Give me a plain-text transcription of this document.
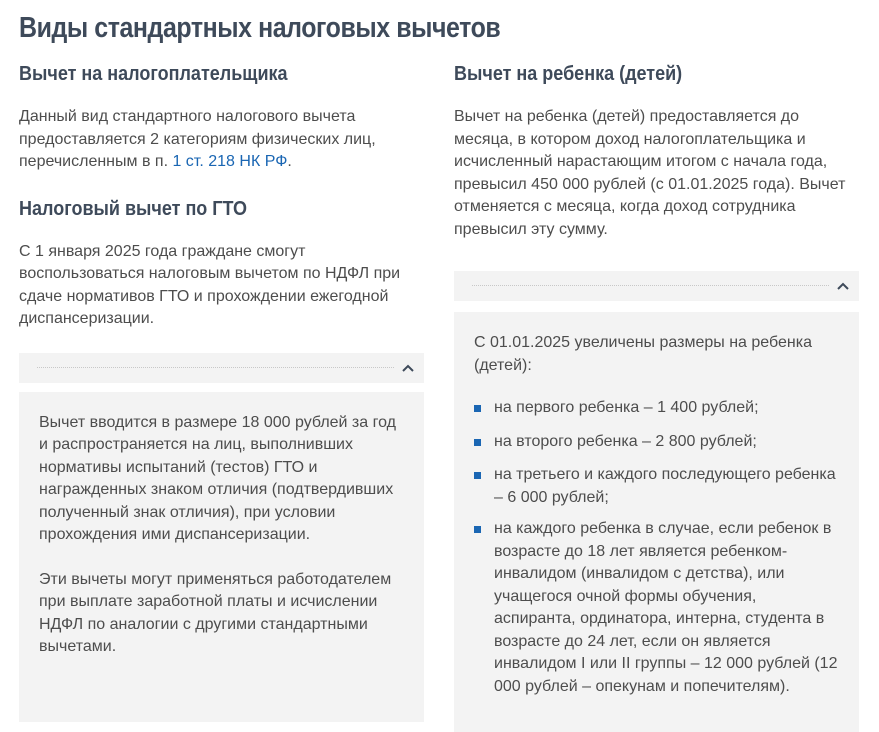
Виды стандартных налоговых вычетов
Вычет на налогоплательщика

Данный вид стандартного налогового вычета предоставляется 2 категориям физических лиц, перечисленным в п. 1 ст. 218 НК РФ.

Налоговый вычет по ГТО

С 1 января 2025 года граждане смогут воспользоваться налоговым вычетом по НДФЛ при сдаче нормативов ГТО и прохождении ежегодной диспансеризации.

Вычет вводится в размере 18 000 рублей за год и распространяется на лиц, выполнивших нормативы испытаний (тестов) ГТО и награжденных знаком отличия (подтвердивших полученный знак отличия), при условии прохождения ими диспансеризации.

Эти вычеты могут применяться работодателем при выплате заработной платы и исчислении НДФЛ по аналогии с другими стандартными вычетами.

Вычет на ребенка (детей)

Вычет на ребенка (детей) предоставляется до месяца, в котором доход налогоплательщика и исчисленный нарастающим итогом с начала года, превысил 450 000 рублей (с 01.01.2025 года). Вычет отменяется с месяца, когда доход сотрудника превысил эту сумму.

С 01.01.2025 увеличены размеры на ребенка (детей):

на первого ребенка – 1 400 рублей;
на второго ребенка – 2 800 рублей;
на третьего и каждого последующего ребенка – 6 000 рублей;
на каждого ребенка в случае, если ребенок в возрасте до 18 лет является ребенком-инвалидом (инвалидом с детства), или учащегося очной формы обучения, аспиранта, ординатора, интерна, студента в возрасте до 24 лет, если он является инвалидом I или II группы – 12 000 рублей (12 000 рублей – опекунам и попечителям).
